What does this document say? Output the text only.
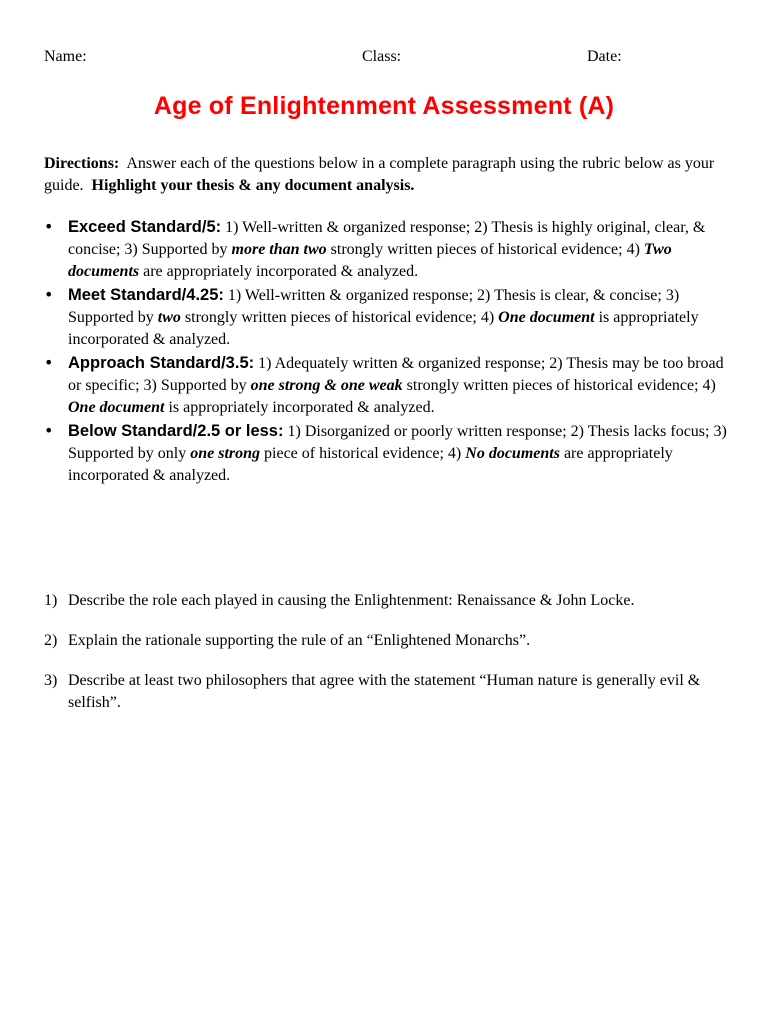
Name:	Class:	Date:
Age of Enlightenment Assessment (A)
Directions: Answer each of the questions below in a complete paragraph using the rubric below as your guide. Highlight your thesis & any document analysis.
• Exceed Standard/5: 1) Well-written & organized response; 2) Thesis is highly original, clear, & concise; 3) Supported by more than two strongly written pieces of historical evidence; 4) Two documents are appropriately incorporated & analyzed.
• Meet Standard/4.25: 1) Well-written & organized response; 2) Thesis is clear, & concise; 3) Supported by two strongly written pieces of historical evidence; 4) One document is appropriately incorporated & analyzed.
• Approach Standard/3.5: 1) Adequately written & organized response; 2) Thesis may be too broad or specific; 3) Supported by one strong & one weak strongly written pieces of historical evidence; 4) One document is appropriately incorporated & analyzed.
• Below Standard/2.5 or less: 1) Disorganized or poorly written response; 2) Thesis lacks focus; 3) Supported by only one strong piece of historical evidence; 4) No documents are appropriately incorporated & analyzed.
1) Describe the role each played in causing the Enlightenment: Renaissance & John Locke.
2) Explain the rationale supporting the rule of an “Enlightened Monarchs”.
3) Describe at least two philosophers that agree with the statement “Human nature is generally evil & selfish”.
